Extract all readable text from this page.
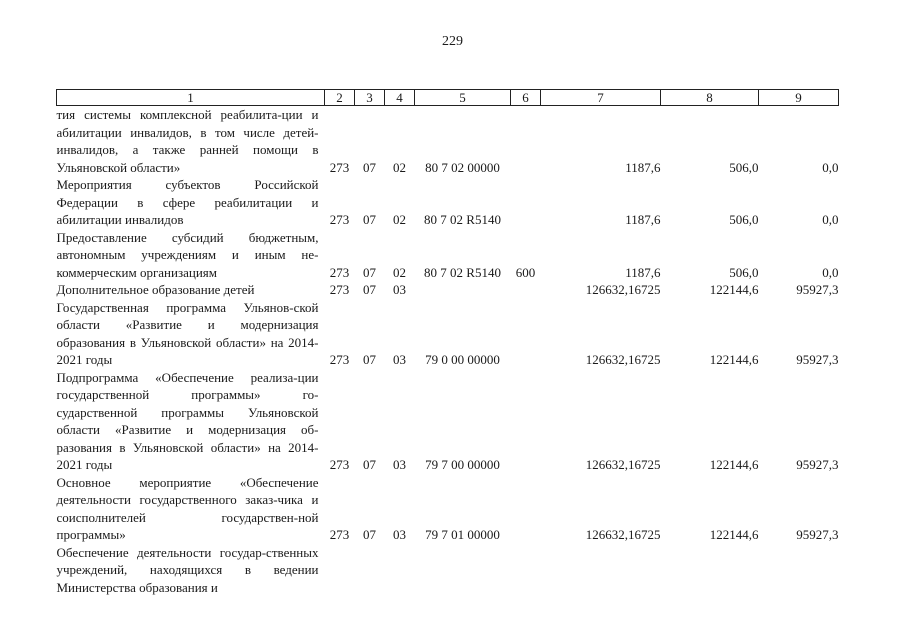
229
1	2	3	4	5	6	7	8	9
тия системы комплексной реабилита-ции и абилитации инвалидов, в том числе детей-инвалидов, а также ранней помощи в Ульяновской области»	273	07	02	80 7 02 00000		1187,6	506,0	0,0
Мероприятия субъектов Российской Федерации в сфере реабилитации и абилитации инвалидов	273	07	02	80 7 02 R5140		1187,6	506,0	0,0
Предоставление субсидий бюджетным, автономным учреждениям и иным не-коммерческим организациям	273	07	02	80 7 02 R5140	600	1187,6	506,0	0,0
Дополнительное образование детей	273	07	03			126632,16725	122144,6	95927,3
Государственная программа Ульянов-ской области «Развитие и модернизация образования в Ульяновской области» на 2014-2021 годы	273	07	03	79 0 00 00000		126632,16725	122144,6	95927,3
Подпрограмма «Обеспечение реализа-ции государственной программы» го-сударственной программы Ульяновской области «Развитие и модернизация об-разования в Ульяновской области» на 2014-2021 годы	273	07	03	79 7 00 00000		126632,16725	122144,6	95927,3
Основное мероприятие «Обеспечение деятельности государственного заказ-чика и соисполнителей государствен-ной программы»	273	07	03	79 7 01 00000		126632,16725	122144,6	95927,3
Обеспечение деятельности государ-ственных учреждений, находящихся в ведении Министерства образования и								
